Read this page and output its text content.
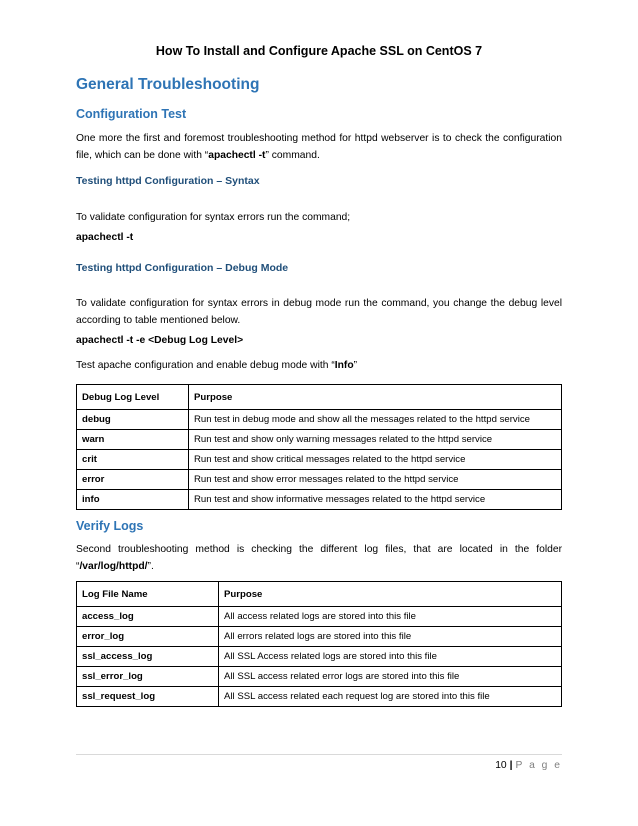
How To Install and Configure Apache SSL on CentOS 7
General Troubleshooting
Configuration Test

One more the first and foremost troubleshooting method for httpd webserver is to check the configuration file, which can be done with “apachectl -t” command.

Testing httpd Configuration – Syntax

To validate configuration for syntax errors run the command;

apachectl -t

Testing httpd Configuration – Debug Mode

To validate configuration for syntax errors in debug mode run the command, you change the debug level according to table mentioned below.

apachectl -t -e <Debug Log Level>

Test apache configuration and enable debug mode with “Info”

Debug Log Level	Purpose
debug	Run test in debug mode and show all the messages related to the httpd service
warn	Run test and show only warning messages related to the httpd service
crit	Run test and show critical messages related to the httpd service
error	Run test and show error messages related to the httpd service
info	Run test and show informative messages related to the httpd service
Verify Logs

Second troubleshooting method is checking the different log files, that are located in the folder “/var/log/httpd/”.

Log File Name	Purpose
access_log	All access related logs are stored into this file
error_log	All errors related logs are stored into this file
ssl_access_log	All SSL Access related logs are stored into this file
ssl_error_log	All SSL access related error logs are stored into this file
ssl_request_log	All SSL access related each request log are stored into this file
10 | P a g e
